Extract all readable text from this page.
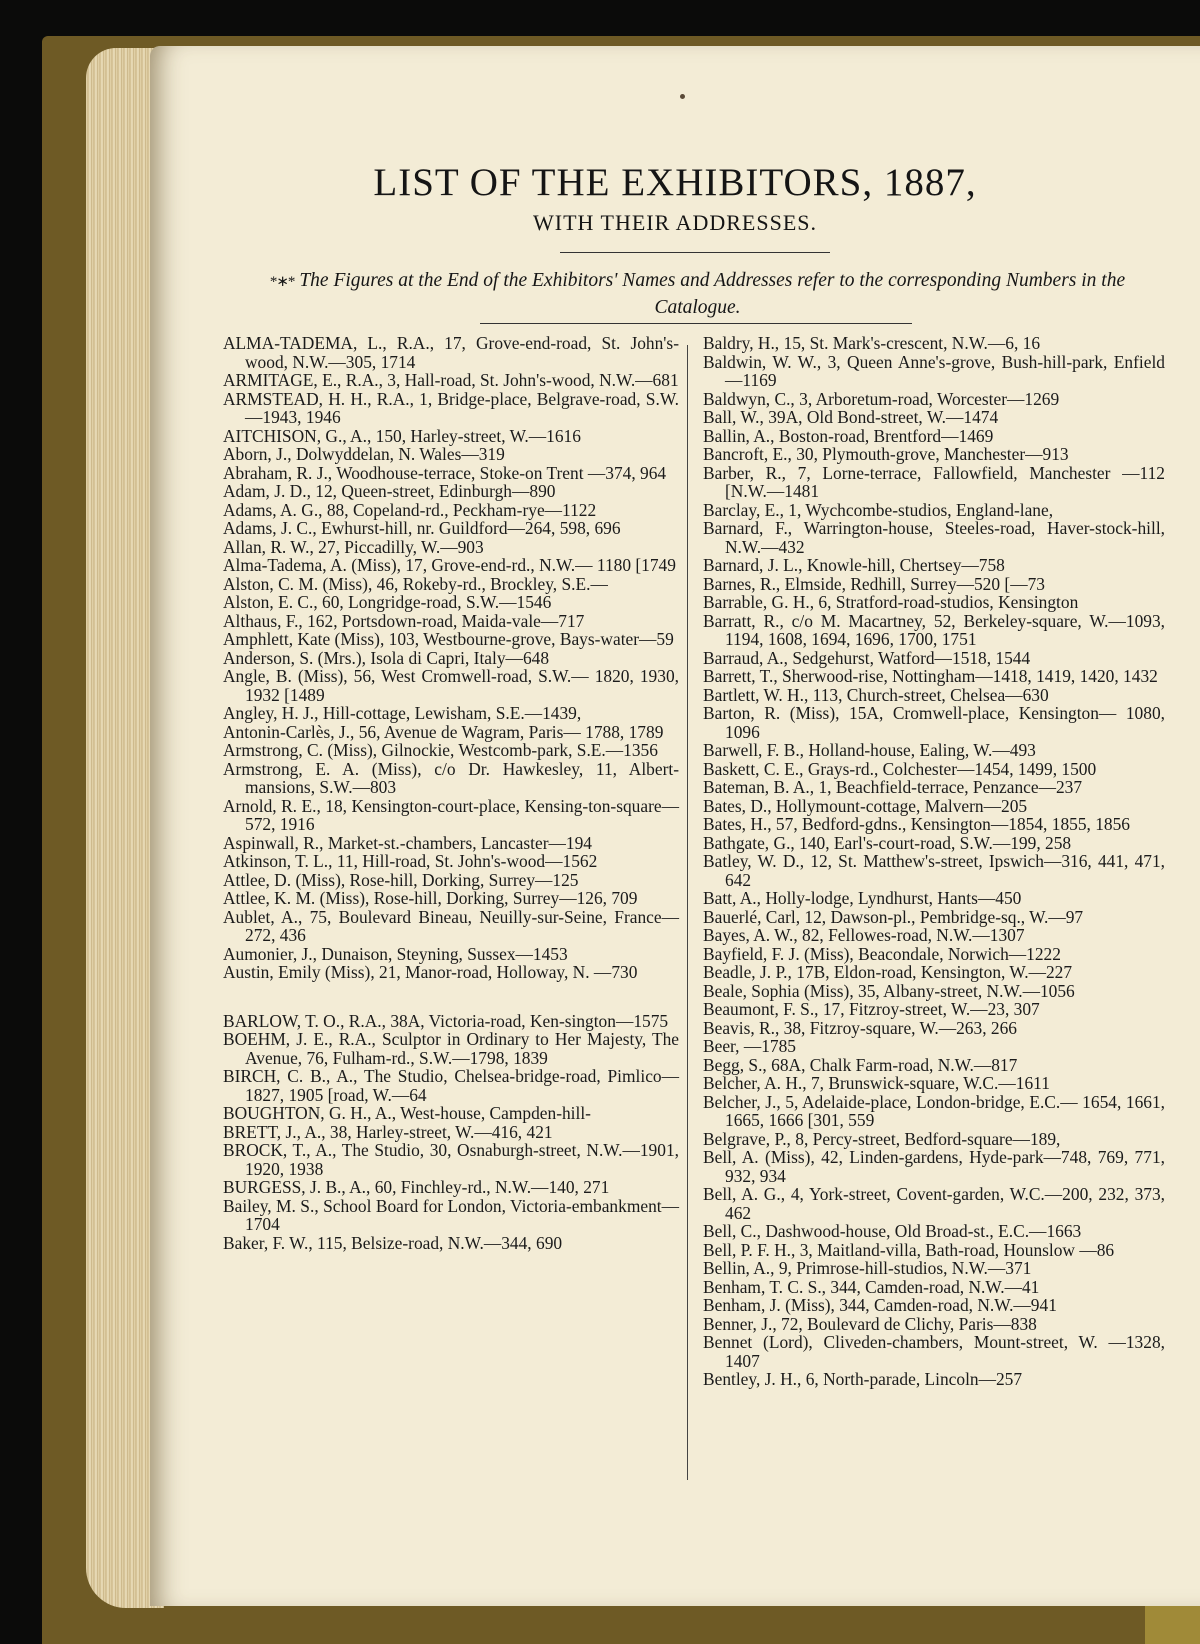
LIST OF THE EXHIBITORS, 1887,
WITH THEIR ADDRESSES.
*∗* The Figures at the End of the Exhibitors' Names and Addresses refer to the corresponding Numbers in the Catalogue.

ALMA-TADEMA, L., R.A., 17, Grove-end-road, St. John's-wood, N.W.—305, 1714

ARMITAGE, E., R.A., 3, Hall-road, St. John's-wood, N.W.—681

ARMSTEAD, H. H., R.A., 1, Bridge-place, Belgrave-road, S.W.—1943, 1946

AITCHISON, G., A., 150, Harley-street, W.—1616

Aborn, J., Dolwyddelan, N. Wales—319

Abraham, R. J., Woodhouse-terrace, Stoke-on Trent —374, 964

Adam, J. D., 12, Queen-street, Edinburgh—890

Adams, A. G., 88, Copeland-rd., Peckham-rye—1122

Adams, J. C., Ewhurst-hill, nr. Guildford—264, 598, 696

Allan, R. W., 27, Piccadilly, W.—903

Alma-Tadema, A. (Miss), 17, Grove-end-rd., N.W.— 1180 [1749

Alston, C. M. (Miss), 46, Rokeby-rd., Brockley, S.E.—

Alston, E. C., 60, Longridge-road, S.W.—1546

Althaus, F., 162, Portsdown-road, Maida-vale—717

Amphlett, Kate (Miss), 103, Westbourne-grove, Bays-water—59

Anderson, S. (Mrs.), Isola di Capri, Italy—648

Angle, B. (Miss), 56, West Cromwell-road, S.W.— 1820, 1930, 1932 [1489

Angley, H. J., Hill-cottage, Lewisham, S.E.—1439,

Antonin-Carlès, J., 56, Avenue de Wagram, Paris— 1788, 1789

Armstrong, C. (Miss), Gilnockie, Westcomb-park, S.E.—1356

Armstrong, E. A. (Miss), c/o Dr. Hawkesley, 11, Albert-mansions, S.W.—803

Arnold, R. E., 18, Kensington-court-place, Kensing-ton-square—572, 1916

Aspinwall, R., Market-st.-chambers, Lancaster—194

Atkinson, T. L., 11, Hill-road, St. John's-wood—1562

Attlee, D. (Miss), Rose-hill, Dorking, Surrey—125

Attlee, K. M. (Miss), Rose-hill, Dorking, Surrey—126, 709

Aublet, A., 75, Boulevard Bineau, Neuilly-sur-Seine, France—272, 436

Aumonier, J., Dunaison, Steyning, Sussex—1453

Austin, Emily (Miss), 21, Manor-road, Holloway, N. —730

BARLOW, T. O., R.A., 38A, Victoria-road, Ken-sington—1575

BOEHM, J. E., R.A., Sculptor in Ordinary to Her Majesty, The Avenue, 76, Fulham-rd., S.W.—1798, 1839

BIRCH, C. B., A., The Studio, Chelsea-bridge-road, Pimlico—1827, 1905 [road, W.—64

BOUGHTON, G. H., A., West-house, Campden-hill-

BRETT, J., A., 38, Harley-street, W.—416, 421

BROCK, T., A., The Studio, 30, Osnaburgh-street, N.W.—1901, 1920, 1938

BURGESS, J. B., A., 60, Finchley-rd., N.W.—140, 271

Bailey, M. S., School Board for London, Victoria-embankment—1704

Baker, F. W., 115, Belsize-road, N.W.—344, 690

Baldry, H., 15, St. Mark's-crescent, N.W.—6, 16

Baldwin, W. W., 3, Queen Anne's-grove, Bush-hill-park, Enfield—1169

Baldwyn, C., 3, Arboretum-road, Worcester—1269

Ball, W., 39A, Old Bond-street, W.—1474

Ballin, A., Boston-road, Brentford—1469

Bancroft, E., 30, Plymouth-grove, Manchester—913

Barber, R., 7, Lorne-terrace, Fallowfield, Manchester —112 [N.W.—1481

Barclay, E., 1, Wychcombe-studios, England-lane,

Barnard, F., Warrington-house, Steeles-road, Haver-stock-hill, N.W.—432

Barnard, J. L., Knowle-hill, Chertsey—758

Barnes, R., Elmside, Redhill, Surrey—520 [—73

Barrable, G. H., 6, Stratford-road-studios, Kensington

Barratt, R., c/o M. Macartney, 52, Berkeley-square, W.—1093, 1194, 1608, 1694, 1696, 1700, 1751

Barraud, A., Sedgehurst, Watford—1518, 1544

Barrett, T., Sherwood-rise, Nottingham—1418, 1419, 1420, 1432

Bartlett, W. H., 113, Church-street, Chelsea—630

Barton, R. (Miss), 15A, Cromwell-place, Kensington— 1080, 1096

Barwell, F. B., Holland-house, Ealing, W.—493

Baskett, C. E., Grays-rd., Colchester—1454, 1499, 1500

Bateman, B. A., 1, Beachfield-terrace, Penzance—237

Bates, D., Hollymount-cottage, Malvern—205

Bates, H., 57, Bedford-gdns., Kensington—1854, 1855, 1856

Bathgate, G., 140, Earl's-court-road, S.W.—199, 258

Batley, W. D., 12, St. Matthew's-street, Ipswich—316, 441, 471, 642

Batt, A., Holly-lodge, Lyndhurst, Hants—450

Bauerlé, Carl, 12, Dawson-pl., Pembridge-sq., W.—97

Bayes, A. W., 82, Fellowes-road, N.W.—1307

Bayfield, F. J. (Miss), Beacondale, Norwich—1222

Beadle, J. P., 17B, Eldon-road, Kensington, W.—227

Beale, Sophia (Miss), 35, Albany-street, N.W.—1056

Beaumont, F. S., 17, Fitzroy-street, W.—23, 307

Beavis, R., 38, Fitzroy-square, W.—263, 266

Beer, —1785

Begg, S., 68A, Chalk Farm-road, N.W.—817

Belcher, A. H., 7, Brunswick-square, W.C.—1611

Belcher, J., 5, Adelaide-place, London-bridge, E.C.— 1654, 1661, 1665, 1666 [301, 559

Belgrave, P., 8, Percy-street, Bedford-square—189,

Bell, A. (Miss), 42, Linden-gardens, Hyde-park—748, 769, 771, 932, 934

Bell, A. G., 4, York-street, Covent-garden, W.C.—200, 232, 373, 462

Bell, C., Dashwood-house, Old Broad-st., E.C.—1663

Bell, P. F. H., 3, Maitland-villa, Bath-road, Hounslow —86

Bellin, A., 9, Primrose-hill-studios, N.W.—371

Benham, T. C. S., 344, Camden-road, N.W.—41

Benham, J. (Miss), 344, Camden-road, N.W.—941

Benner, J., 72, Boulevard de Clichy, Paris—838

Bennet (Lord), Cliveden-chambers, Mount-street, W. —1328, 1407

Bentley, J. H., 6, North-parade, Lincoln—257
